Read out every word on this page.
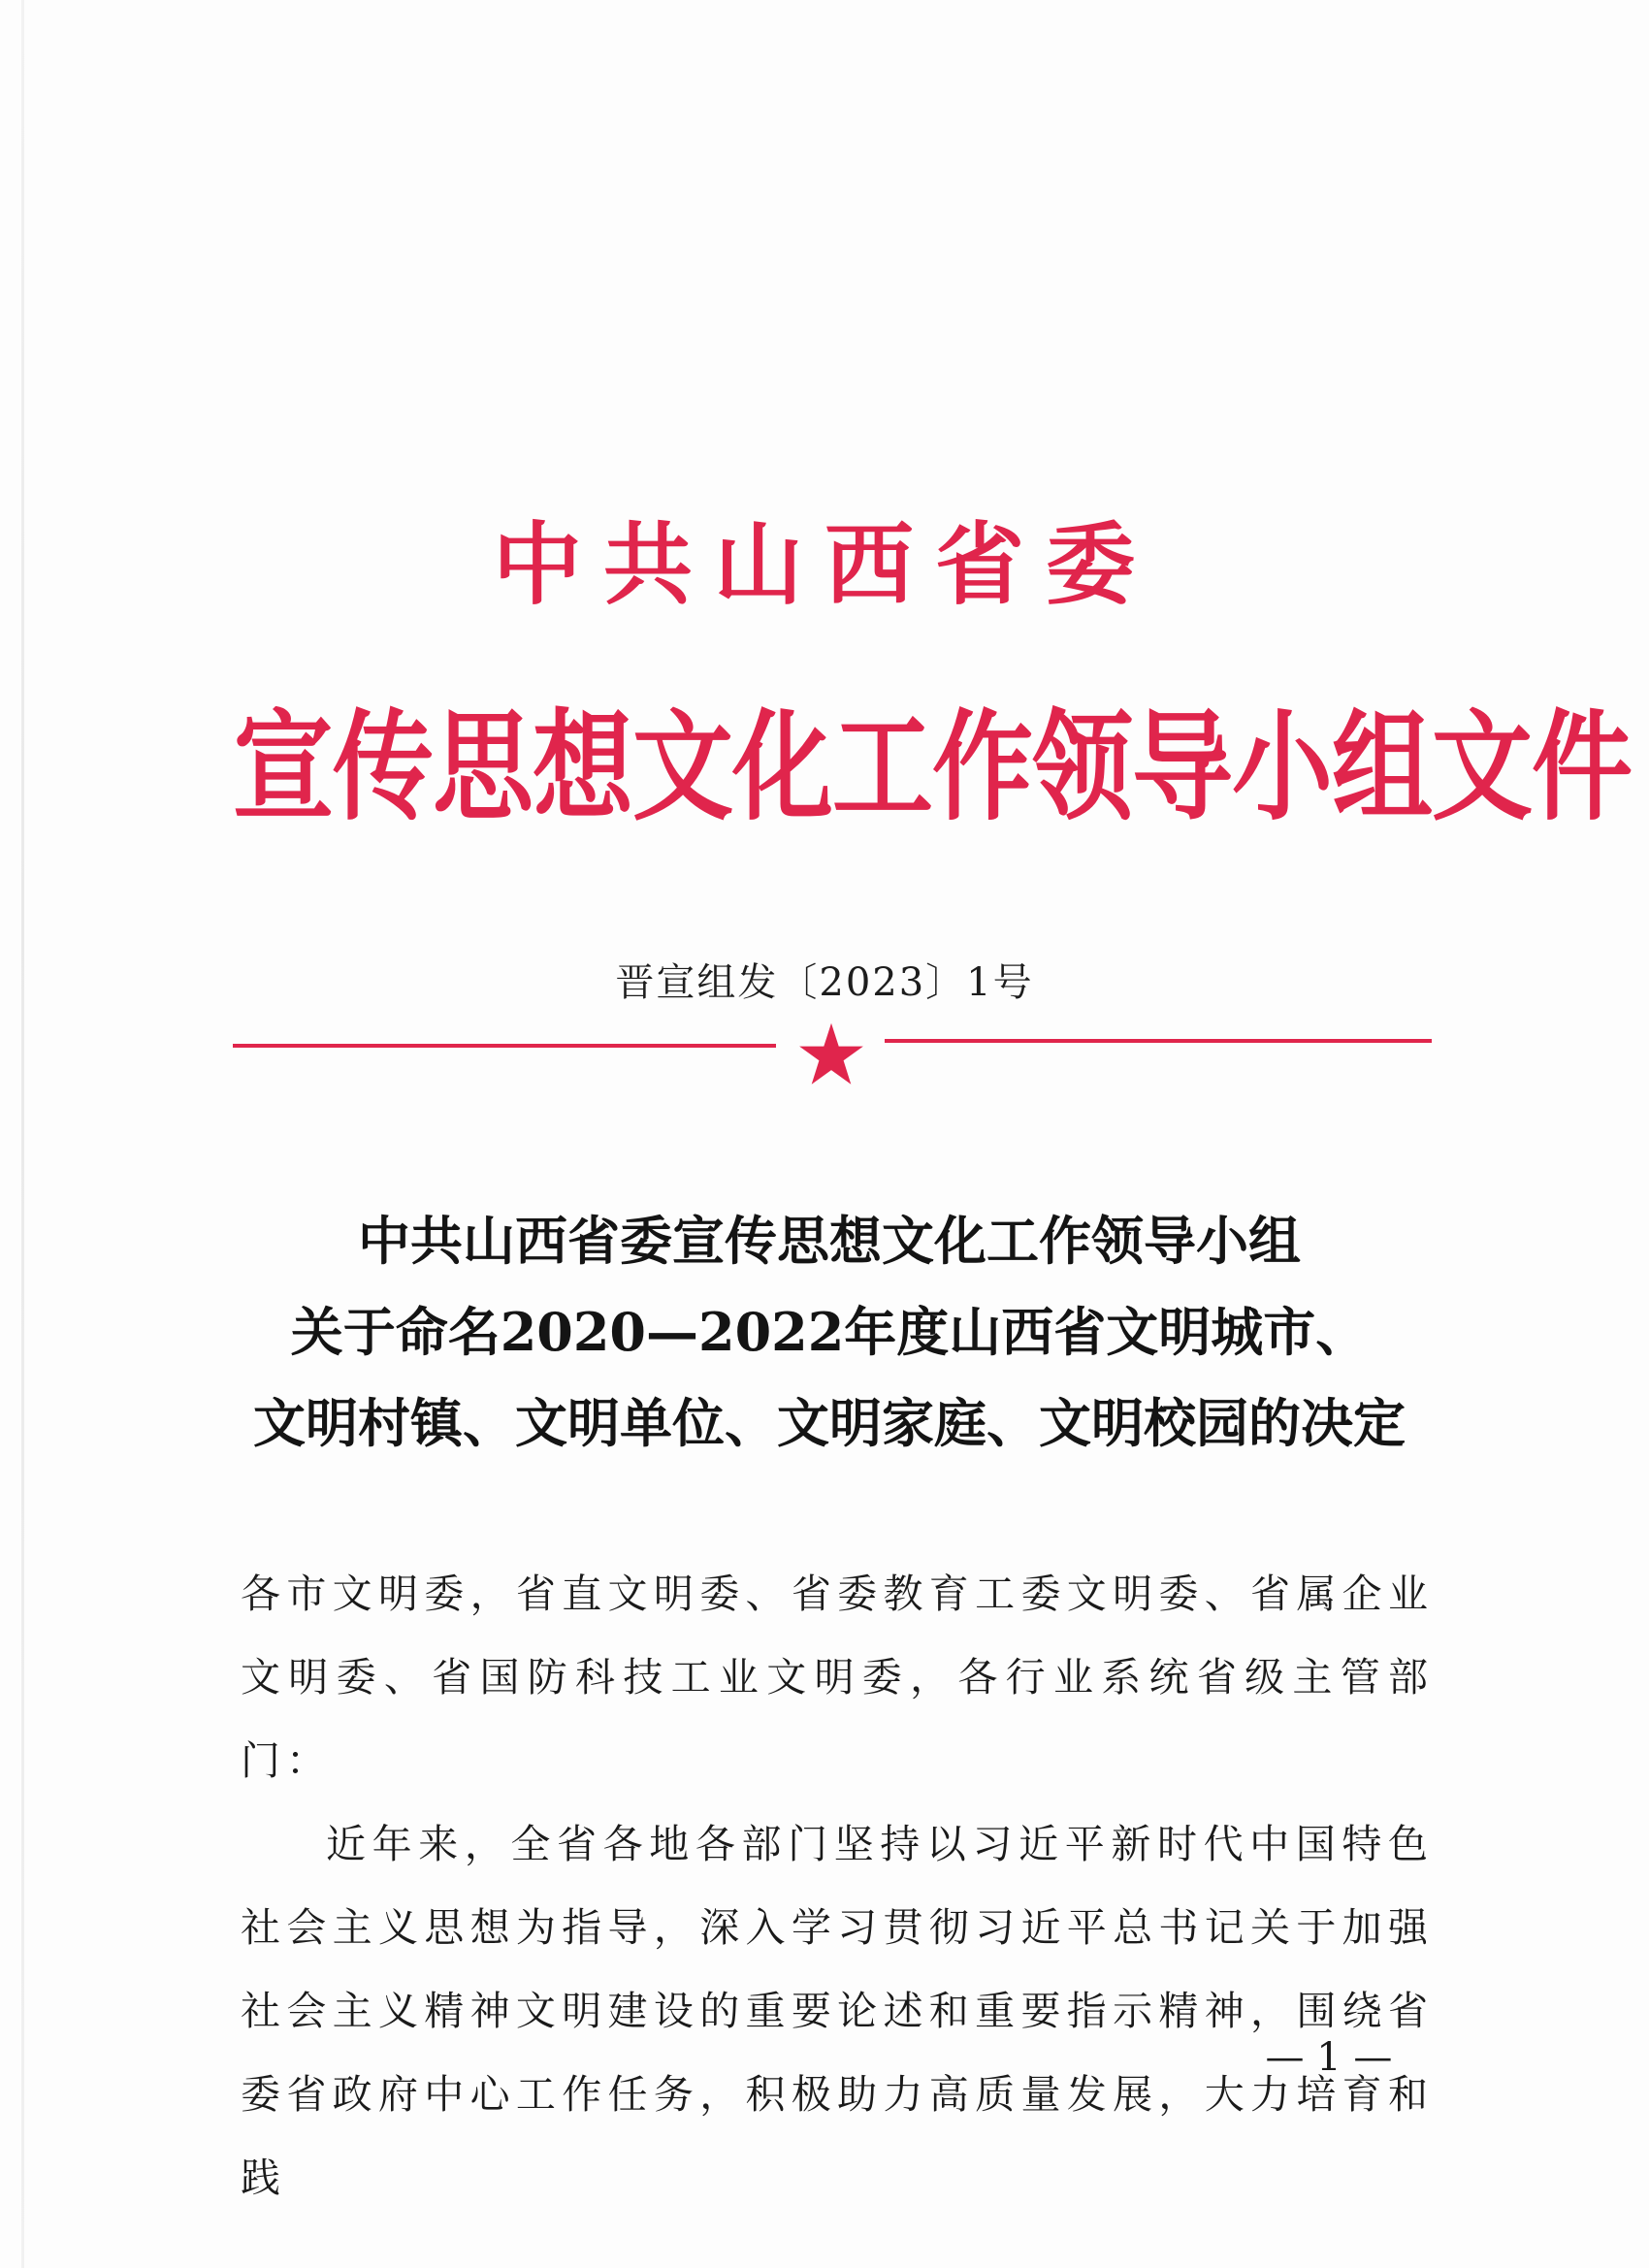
中共山西省委
宣传思想文化工作领导小组文件
晋宣组发〔2023〕1号
中共山西省委宣传思想文化工作领导小组
关于命名2020—2022年度山西省文明城市、
文明村镇、文明单位、文明家庭、文明校园的决定

各市文明委，省直文明委、省委教育工委文明委、省属企业文明委、省国防科技工业文明委，各行业系统省级主管部门：

近年来，全省各地各部门坚持以习近平新时代中国特色社会主义思想为指导，深入学习贯彻习近平总书记关于加强社会主义精神文明建设的重要论述和重要指示精神，围绕省委省政府中心工作任务，积极助力高质量发展，大力培育和践

— 1 —
